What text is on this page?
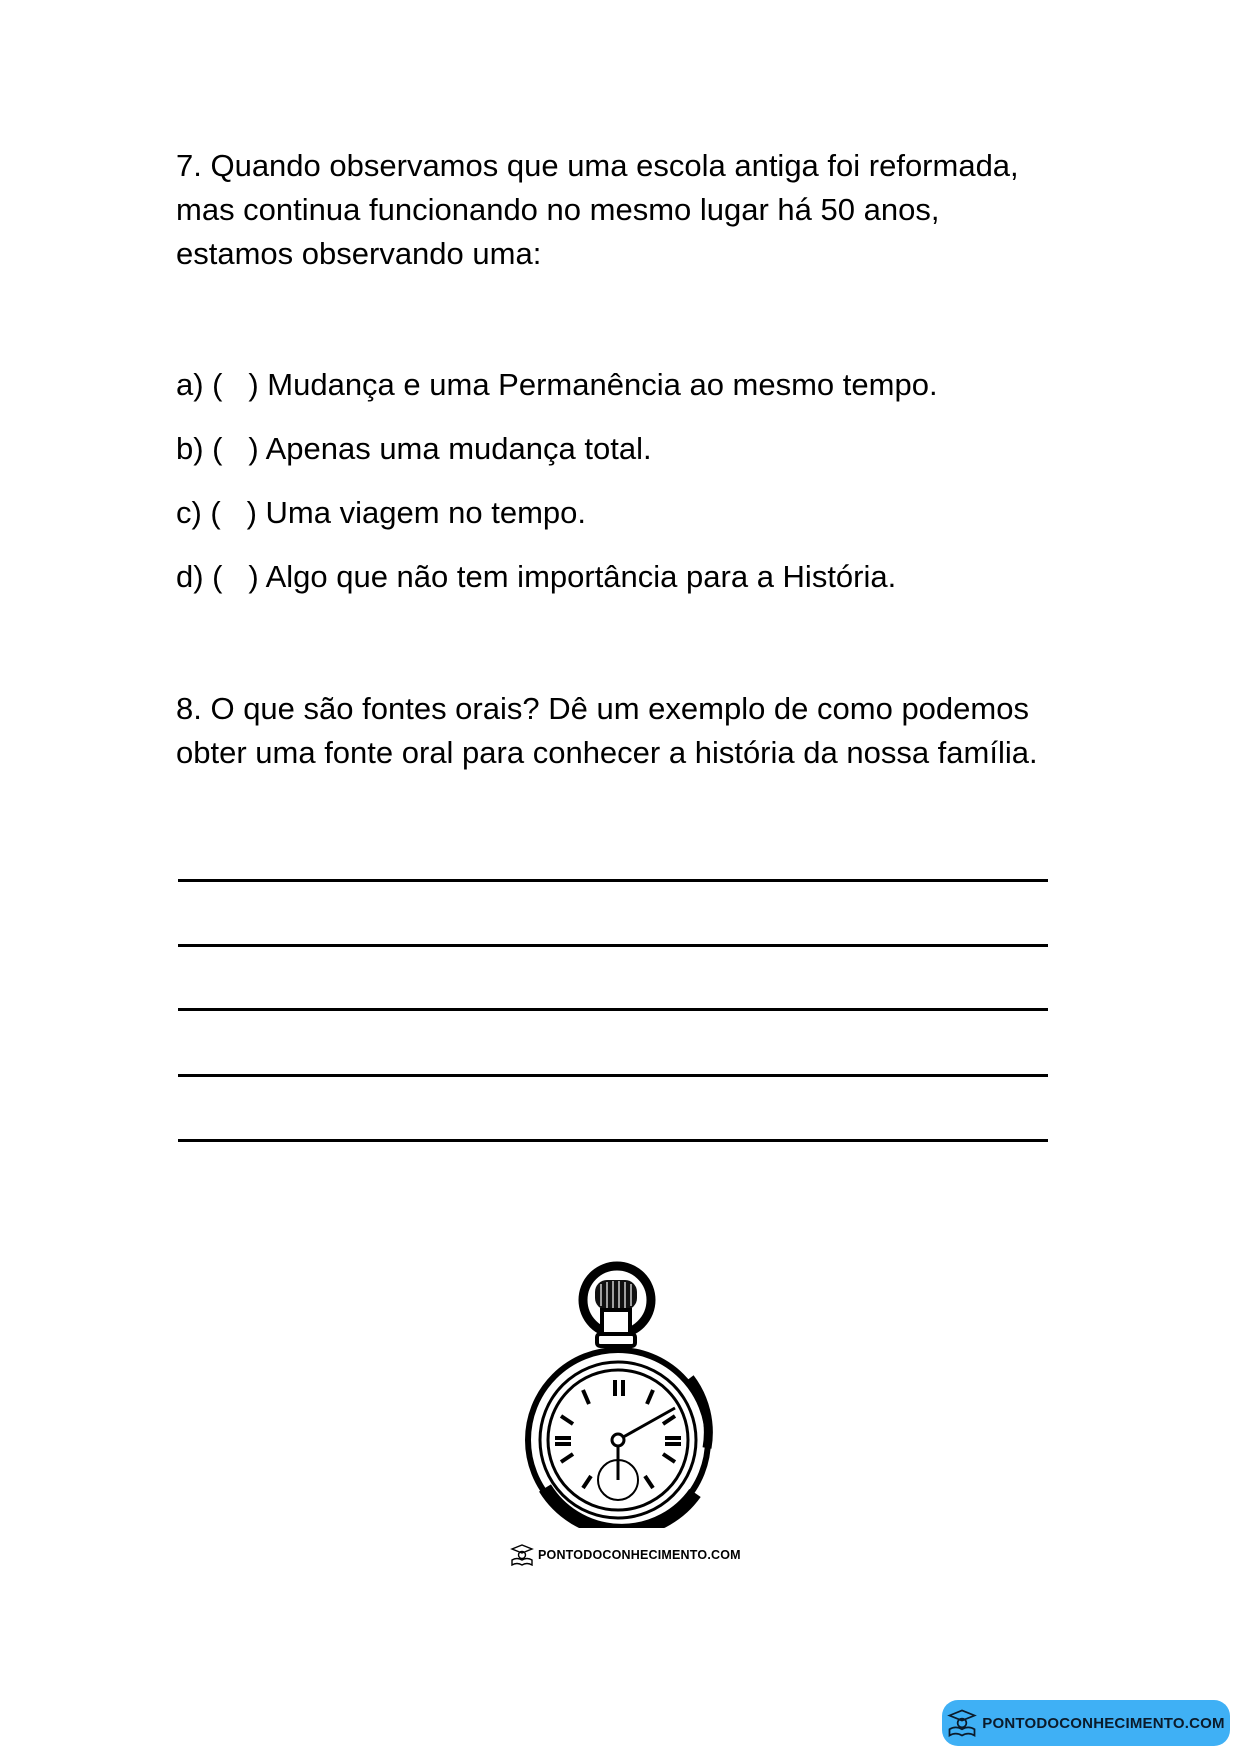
7. Quando observamos que uma escola antiga foi reformada, mas continua funcionando no mesmo lugar há 50 anos, estamos observando uma:

a) (   ) Mudança e uma Permanência ao mesmo tempo.

b) (   ) Apenas uma mudança total.

c) (   ) Uma viagem no tempo.

d) (   ) Algo que não tem importância para a História.

8. O que são fontes orais? Dê um exemplo de como podemos obter uma fonte oral para conhecer a história da nossa família.

PONTODOCONHECIMENTO.COM
PONTODOCONHECIMENTO.COM
